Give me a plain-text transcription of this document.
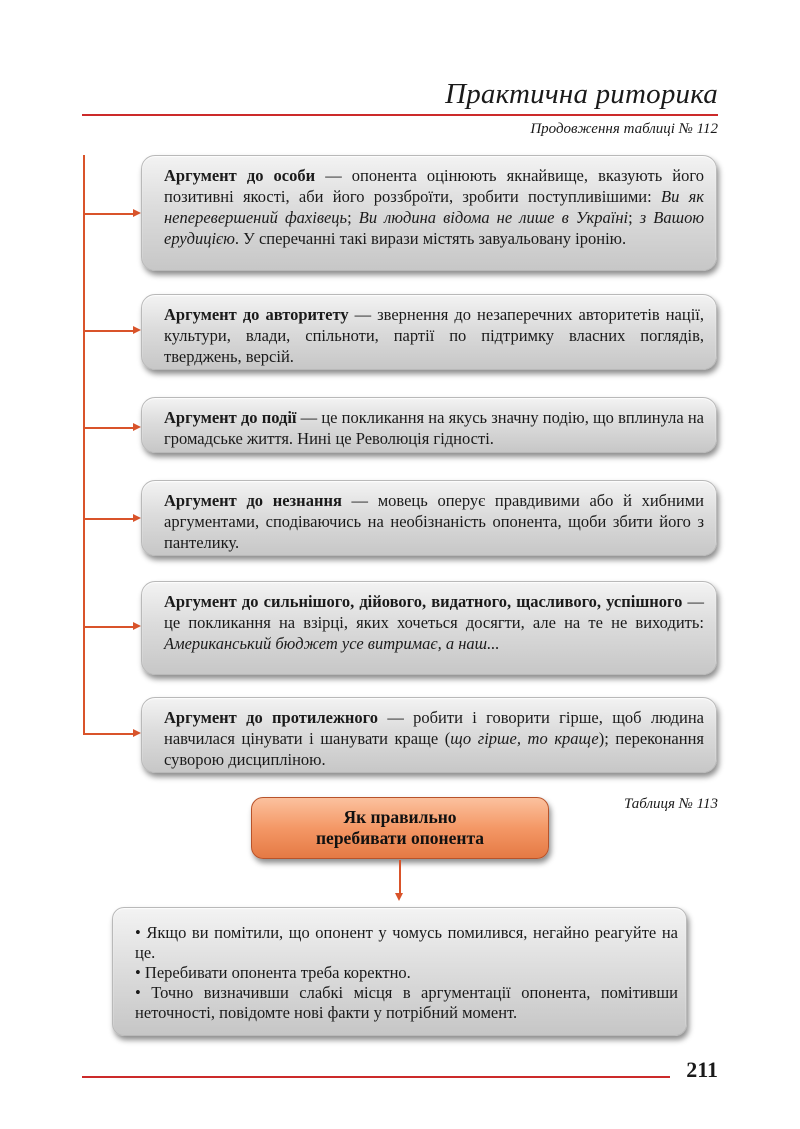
Практична риторика
Продовження таблиці № 112
Аргумент до особи — опонента оцінюють якнайвище, вказують його позитивні якості, аби його роззброїти, зробити поступливішими: Ви як неперевершений фахівець; Ви людина відома не лише в Україні; з Вашою ерудицією. У сперечанні такі вирази містять завуальовану іронію.
Аргумент до авторитету — звернення до незаперечних авторитетів нації, культури, влади, спільноти, партії по підтримку власних поглядів, тверджень, версій.
Аргумент до події — це покликання на якусь значну подію, що вплинула на громадське життя. Нині це Революція гідності.
Аргумент до незнання — мовець оперує правдивими або й хибними аргументами, сподіваючись на необізнаність опонента, щоби збити його з пантелику.
Аргумент до сильнішого, дійового, видатного, щасливого, успішного — це покликання на взірці, яких хочеться досягти, але на те не виходить: Американський бюджет усе витримає, а наш...
Аргумент до протилежного — робити і говорити гірше, щоб людина навчилася цінувати і шанувати краще (що гірше, то краще); переконання суворою дисципліною.
Таблиця № 113
Як правильно
перебивати опонента

• Якщо ви помітили, що опонент у чомусь помилився, негайно реагуйте на це.

• Перебивати опонента треба коректно.

• Точно визначивши слабкі місця в аргументації опонента, помітивши неточності, повідомте нові факти у потрібний момент.

211
